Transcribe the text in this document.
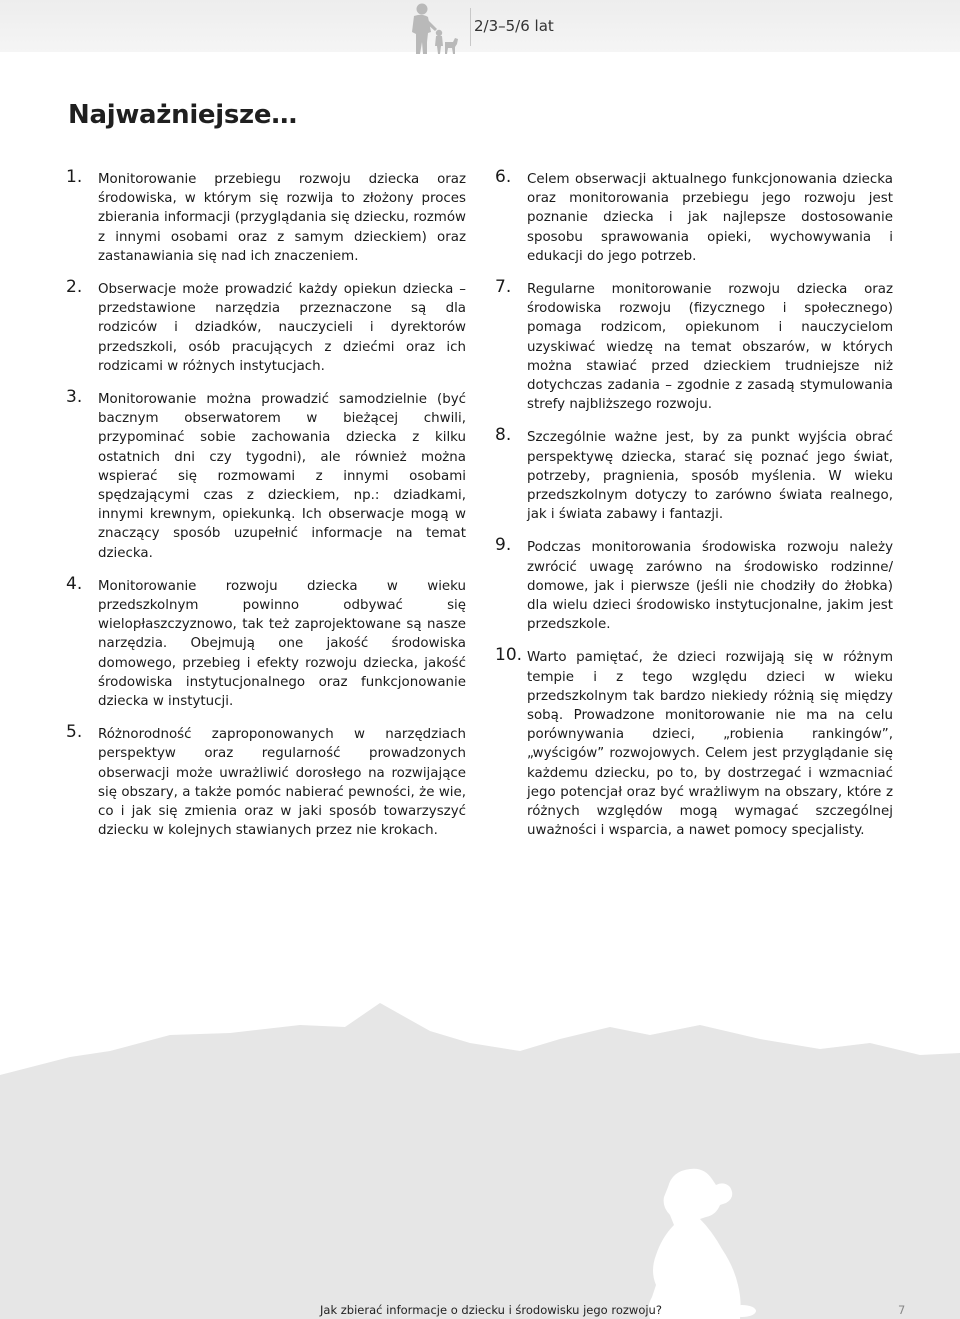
2/3–5/6 lat
Najważniejsze…
1. Monitorowanie przebiegu rozwoju dziecka oraz środowiska, w którym się rozwija to złożony proces zbierania informacji (przyglądania się dziecku, rozmów z innymi osobami oraz z samym dzieckiem) oraz zastanawiania się nad ich znaczeniem.

2. Obserwacje może prowadzić każdy opiekun dziecka – przedstawione narzędzia przeznaczone są dla rodziców i dziadków, nauczycieli i dyrektorów przedszkoli, osób pracujących z dziećmi oraz ich rodzicami w różnych instytucjach.

3. Monitorowanie można prowadzić samodzielnie (być bacznym obserwatorem w bieżącej chwili, przypominać sobie zachowania dziecka z kilku ostatnich dni czy tygodni), ale również można wspierać się rozmowami z innymi osobami spędzającymi czas z dzieckiem, np.: dziadkami, innymi krewnym, opiekunką. Ich obserwacje mogą w znaczący sposób uzupełnić informacje na temat dziecka.

4. Monitorowanie rozwoju dziecka w wieku przedszkolnym powinno odbywać się wielopłaszczyznowo, tak też zaprojektowane są nasze narzędzia. Obejmują one jakość środowiska domowego, przebieg i efekty rozwoju dziecka, jakość środowiska instytucjonalnego oraz funkcjonowanie dziecka w instytucji.

5. Różnorodność zaproponowanych w narzędziach perspektyw oraz regularność prowadzonych obserwacji może uwrażliwić dorosłego na rozwijające się obszary, a także pomóc nabierać pewności, że wie, co i jak się zmienia oraz w jaki sposób towarzyszyć dziecku w kolejnych stawianych przez nie krokach.

6. Celem obserwacji aktualnego funkcjonowania dziecka oraz monitorowania przebiegu jego rozwoju jest poznanie dziecka i jak najlepsze dostosowanie sposobu sprawowania opieki, wychowywania i edukacji do jego potrzeb.

7. Regularne monitorowanie rozwoju dziecka oraz środowiska rozwoju (fizycznego i społecznego) pomaga rodzicom, opiekunom i nauczycielom uzyskiwać wiedzę na temat obszarów, w których można stawiać przed dzieckiem trudniejsze niż dotychczas zadania – zgodnie z zasadą stymulowania strefy najbliższego rozwoju.

8. Szczególnie ważne jest, by za punkt wyjścia obrać perspektywę dziecka, starać się poznać jego świat, potrzeby, pragnienia, sposób myślenia. W wieku przedszkolnym dotyczy to zarówno świata realnego, jak i świata zabawy i fantazji.

9. Podczas monitorowania środowiska rozwoju należy zwrócić uwagę zarówno na środowisko rodzinne/ domowe, jak i pierwsze (jeśli nie chodziły do żłobka) dla wielu dzieci środowisko instytucjonalne, jakim jest przedszkole.

10. Warto pamiętać, że dzieci rozwijają się w różnym tempie i z tego względu dzieci w wieku przedszkolnym tak bardzo niekiedy różnią się między sobą. Prowadzone monitorowanie nie ma na celu porównywania dzieci, „robienia rankingów”, „wyścigów” rozwojowych. Celem jest przyglądanie się każdemu dziecku, po to, by dostrzegać i wzmacniać jego potencjał oraz być wrażliwym na obszary, które z różnych względów mogą wymagać szczególnej uważności i wsparcia, a nawet pomocy specjalisty.

Jak zbierać informacje o dziecku i środowisku jego rozwoju?	7
